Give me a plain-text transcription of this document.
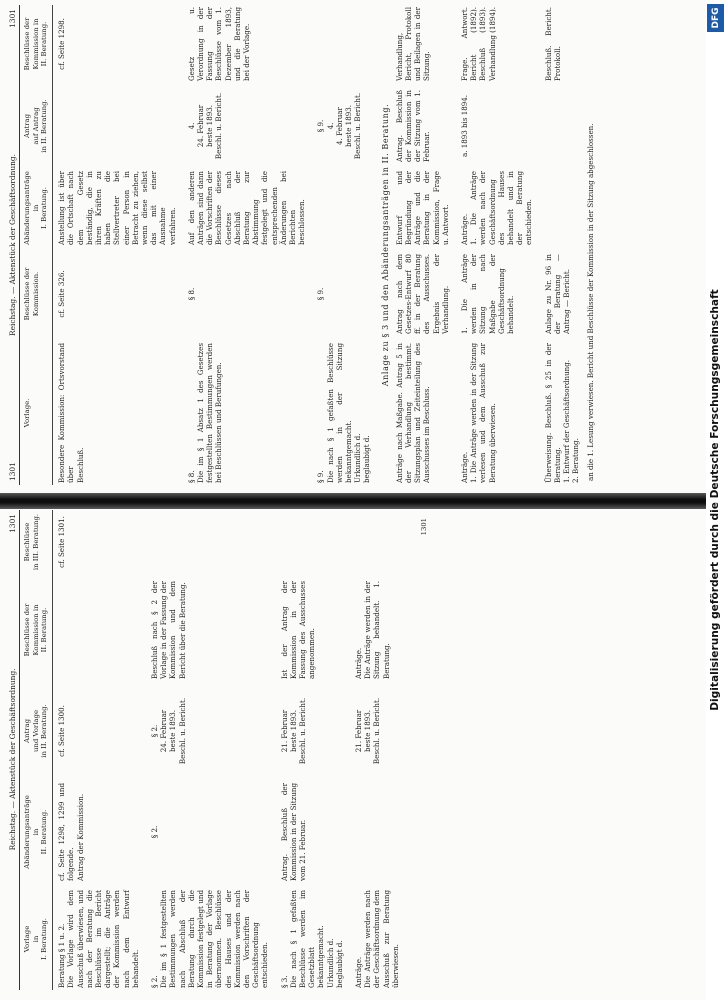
1301
Reichstag. — Aktenstück der Geschäftsordnung.
1301
Vorlage.
Beschlüsse der Kommission.
Abänderungsanträge
in
I. Beratung.
Antrag
auf Antrag
in II. Beratung.
Beschlüsse der
Kommission in
II. Beratung.

Besondere Kommission: Ortsvorstand über
Beschluß.

cf. Seite 326.

Anstellung ist über die Ortschaft nach dem Gesetz beständig, die in ihren Kräften zu haben die Stellvertreter bei einer Person in Betracht zu ziehen, wenn diese selbst das mit einer Ausnahme verfahren.

cf. Seite 1298.

§ 8.
Die im § 1 Absatz 1 des Gesetzes festgestellten Bestimmungen werden bei Beschlüssen und Berufungen.

§ 8.

Auf den anderen Anträgen sind dann die Vorschriften der Beschlüsse dieses Gesetzes nach Abschluß der Beratung zur Abstimmung festgelegt und die entsprechenden Änderungen bei Berichten beschlossen.

4.
24. Februar
beste 1893.
Beschl. u. Bericht.

Gesetz u. Verordnung in der Fassung der Beschlüsse vom 1. Dezember 1893, und die Beratung bei der Vorlage.

§ 9.
Die nach § 1 gefaßten Beschlüsse werden in der Sitzung bekanntgemacht.
Urkundlich d.
beglaubigt d.

§ 9.

§ 9.
4.
4. Februar
beste 1893.
Beschl. u. Bericht. Anlage zu § 3 und den Abänderungsanträgen in II. Beratung.

Anträge nach Maßgabe. Antrag 5 in der Verhandlung bestimmt. Sitzungsplan und Zeiteinteilung des Ausschusses im Beschluss.

Antrag nach dem Gesetzes-Entwurf 80 ff. in der Beratung des Ausschusses. Ergebnis der Verhandlung.

Entwurf und Begründung der Anträge und die Beratung in der Kommission, Frage u. Antwort.

Antrag. Beschluß der Kommission in der Sitzung vom 1. Februar.

Verhandlung, Bericht, Protokoll und Beilagen in der Sitzung.

Anträge.
1. Die Anträge werden in der Sitzung verlesen und dem Ausschuß zur Beratung überwiesen.

1. Die Anträge werden in der Sitzung nach Maßgabe der Geschäftsordnung behandelt.

Anträge.
1. Die Anträge werden nach der Geschäftsordnung des Hauses behandelt und in der Beratung entschieden.

a. 1893 bis 1894.

Frage. Antwort. Bericht (1892). Beschluß (1893). Verhandlung (1894).

Überweisung. Beschluß. § 25 in der Beratung.
1. Entwurf der Geschäftsordnung.
2. Beratung.

Anlage zu Nr. 96 in der Beratung — Antrag — Bericht.

Beschluß. Bericht. Protokoll.

an die 1. Lesung verwiesen. Bericht und Beschlüsse der Kommission in der Sitzung abgeschlossen.

Reichstag. — Aktenstück der Geschäftsordnung.
1301
Vorlage
in
I. Beratung.
Abänderungsanträge
in
II. Beratung.
Antrag
und Vorlage
in II. Beratung.
Beschlüsse der
Kommission in
II. Beratung.
Beschlüsse
in III. Beratung.

Beratung § 1 u. 2.
Die Vorlage wird dem Ausschuß überwiesen, und nach der Beratung die Beschlüsse im Bericht dargestellt; die Anträge der Kommission werden nach dem Entwurf behandelt.

cf. Seite 1298, 1299 und folgende.
Antrag der Kommission.

cf. Seite 1300.

cf. Seite 1301.

§ 2.
Die im § 1 festgestellten Bestimmungen werden nach Abschluß der Beratung durch die Kommission festgelegt und in Beratung der Vorlage übernommen. Beschlüsse des Hauses und der Kommission werden nach den Vorschriften der Geschäftsordnung entschieden.

§ 2.

§ 2.
24. Februar
beste 1893.
Beschl. u. Bericht.

Beschluß nach § 2 der Vorlage in der Fassung der Kommission und dem Bericht über die Beratung.

§ 3.
Die nach § 1 gefaßten Beschlüsse werden im Gesetzblatt bekanntgemacht.
Urkundlich d.
beglaubigt d.

Antrag. Beschluß der Kommission in der Sitzung vom 21. Februar.

21. Februar
beste 1893.
Beschl. u. Bericht.

Ist der Antrag der Kommission in der Fassung des Ausschusses angenommen.

Anträge.
Die Anträge werden nach der Geschäftsordnung dem Ausschuß zur Beratung überwiesen.

21. Februar
beste 1893.
Beschl. u. Bericht.

Anträge.
Die Anträge werden in der Sitzung behandelt. 1. Beratung.

1301
DFG
Digitalisierung gefördert durch die Deutsche Forschungsgemeinschaft
